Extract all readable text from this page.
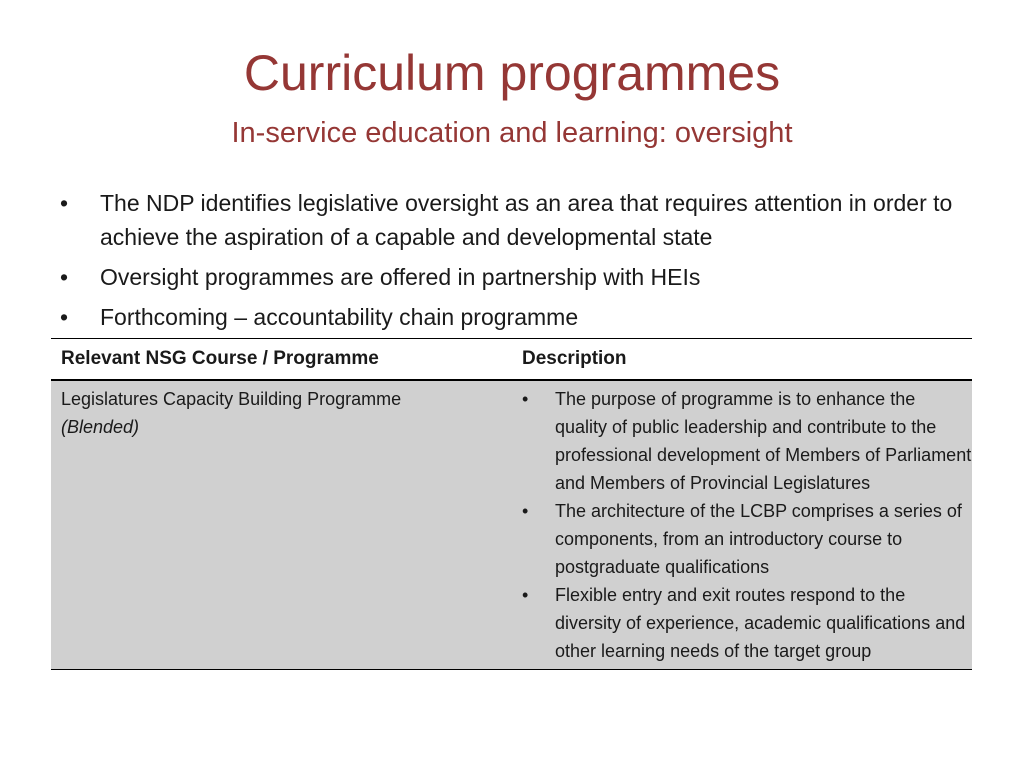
Curriculum programmes
In-service education and learning: oversight
• The NDP identifies legislative oversight as an area that requires attention in order to achieve the aspiration of a capable and developmental state
• Oversight programmes are offered in partnership with HEIs
• Forthcoming – accountability chain programme
Relevant NSG Course / Programme	Description
Legislatures Capacity Building Programme
(Blended)
• The purpose of programme is to enhance the quality of public leadership and contribute to the professional development of Members of Parliament and Members of Provincial Legislatures
• The architecture of the LCBP comprises a series of components, from an introductory course to postgraduate qualifications
• Flexible entry and exit routes respond to the diversity of experience, academic qualifications and other learning needs of the target group
